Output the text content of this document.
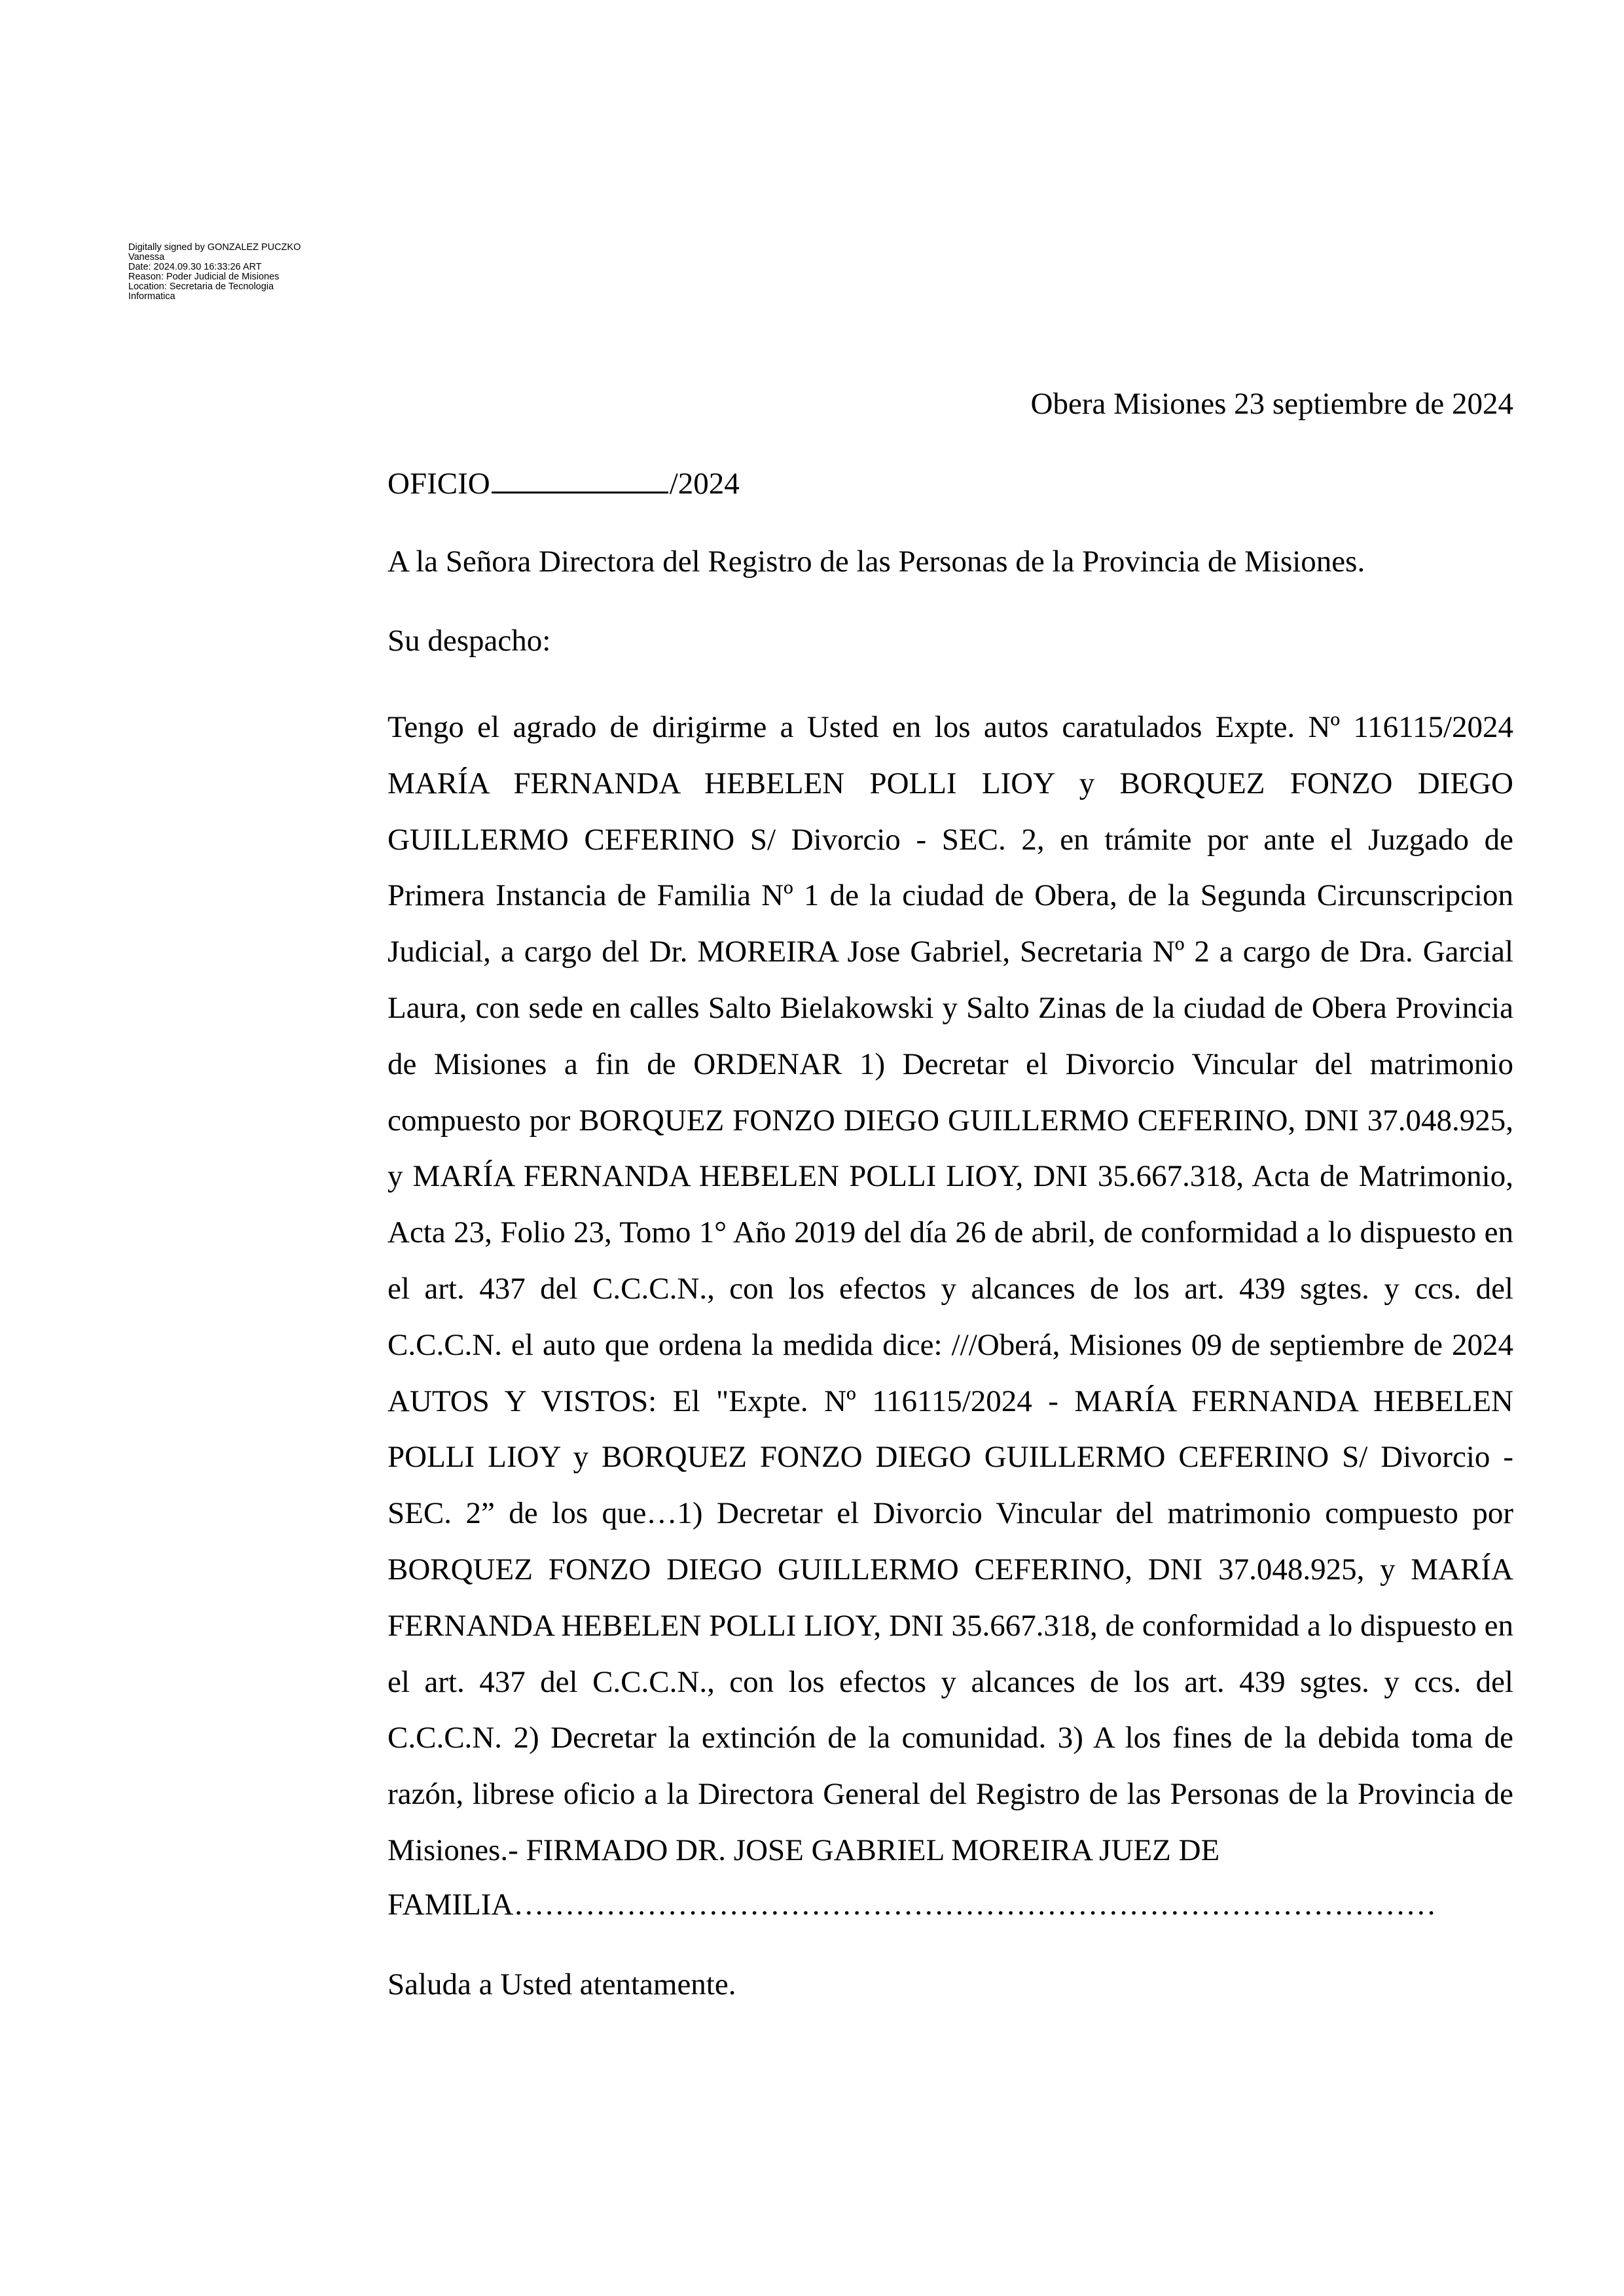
Digitally signed by GONZALEZ PUCZKO
Vanessa
Date: 2024.09.30 16:33:26 ART
Reason: Poder Judicial de Misiones
Location: Secretaria de Tecnologia
Informatica
Obera Misiones 23 septiembre de 2024
OFICIO	/2024
A la Señora Directora del Registro de las Personas de la Provincia de Misiones.
Su despacho:
Tengo el agrado de dirigirme a Usted en los autos caratulados Expte. Nº 116115/2024 MARÍA FERNANDA HEBELEN POLLI LIOY y BORQUEZ FONZO DIEGO GUILLERMO CEFERINO S/ Divorcio - SEC. 2, en trámite por ante el Juzgado de Primera Instancia de Familia Nº 1 de la ciudad de Obera, de la Segunda Circunscripcion Judicial, a cargo del Dr. MOREIRA Jose Gabriel, Secretaria Nº 2 a cargo de Dra. Garcial Laura, con sede en calles Salto Bielakowski y Salto Zinas de la ciudad de Obera Provincia de Misiones a fin de ORDENAR 1) Decretar el Divorcio Vincular del matrimonio compuesto por BORQUEZ FONZO DIEGO GUILLERMO CEFERINO, DNI 37.048.925, y MARÍA FERNANDA HEBELEN POLLI LIOY, DNI 35.667.318, Acta de Matrimonio, Acta 23, Folio 23, Tomo 1° Año 2019 del día 26 de abril, de conformidad a lo dispuesto en el art. 437 del C.C.C.N., con los efectos y alcances de los art. 439 sgtes. y ccs. del C.C.C.N. el auto que ordena la medida dice: ///Oberá, Misiones 09 de septiembre de 2024 AUTOS Y VISTOS: El "Expte. Nº 116115/2024 - MARÍA FERNANDA HEBELEN POLLI LIOY y BORQUEZ FONZO DIEGO GUILLERMO CEFERINO S/ Divorcio - SEC. 2” de los que…1) Decretar el Divorcio Vincular del matrimonio compuesto por BORQUEZ FONZO DIEGO GUILLERMO CEFERINO, DNI 37.048.925, y MARÍA FERNANDA HEBELEN POLLI LIOY, DNI 35.667.318, de conformidad a lo dispuesto en el art. 437 del C.C.C.N., con los efectos y alcances de los art. 439 sgtes. y ccs. del C.C.C.N. 2) Decretar la extinción de la comunidad. 3) A los fines de la debida toma de razón, librese oficio a la Directora General del Registro de las Personas de la Provincia de Misiones.- FIRMADO DR. JOSE GABRIEL MOREIRA JUEZ DE
FAMILIA………………………………………………………………………………
Saluda a Usted atentamente.
